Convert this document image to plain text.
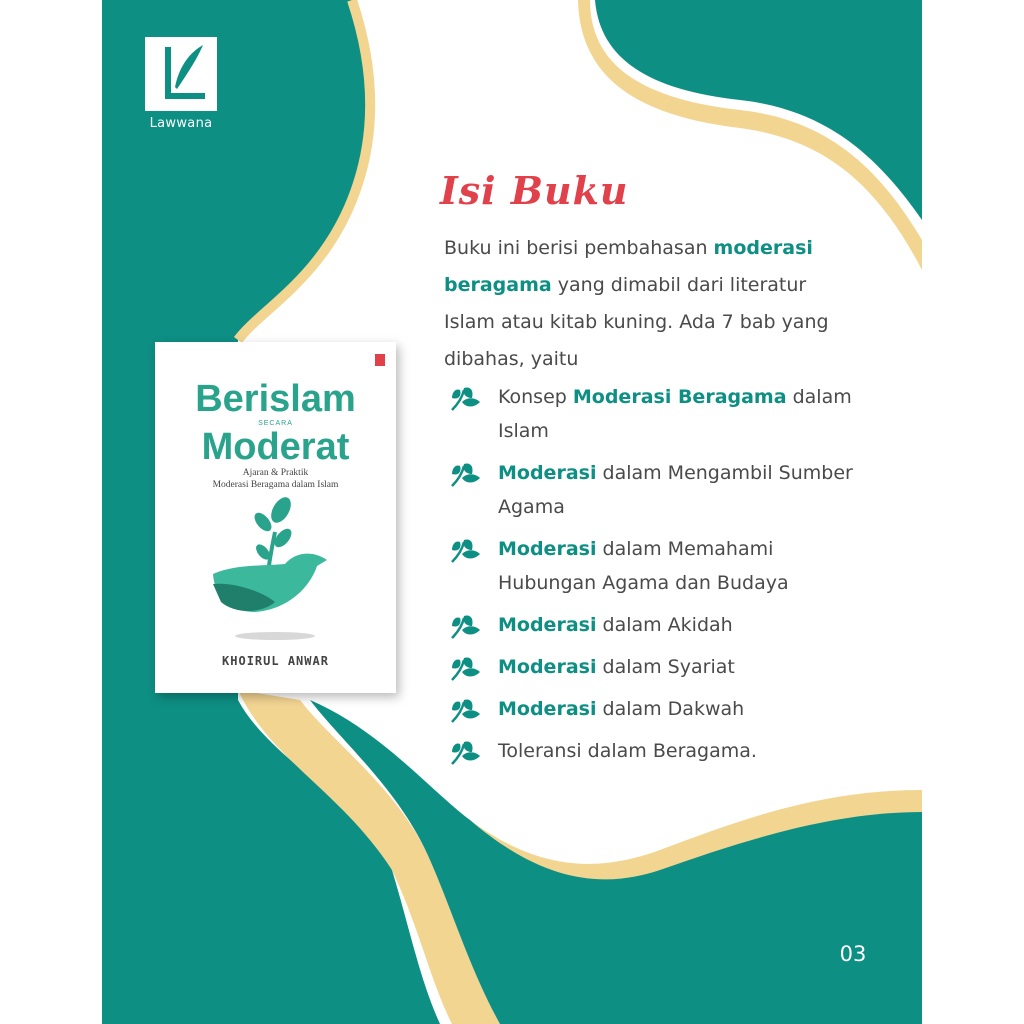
Lawwana
Berislam
SECARA
Moderat
Ajaran & Praktik
Moderasi Beragama dalam Islam
KHOIRUL ANWAR
Isi Buku
Buku ini berisi pembahasan moderasi beragama yang dimabil dari literatur Islam atau kitab kuning. Ada 7 bab yang dibahas, yaitu
Konsep Moderasi Beragama dalam Islam
Moderasi dalam Mengambil Sumber Agama
Moderasi dalam Memahami Hubungan Agama dan Budaya
Moderasi dalam Akidah
Moderasi dalam Syariat
Moderasi dalam Dakwah
Toleransi dalam Beragama.
03
